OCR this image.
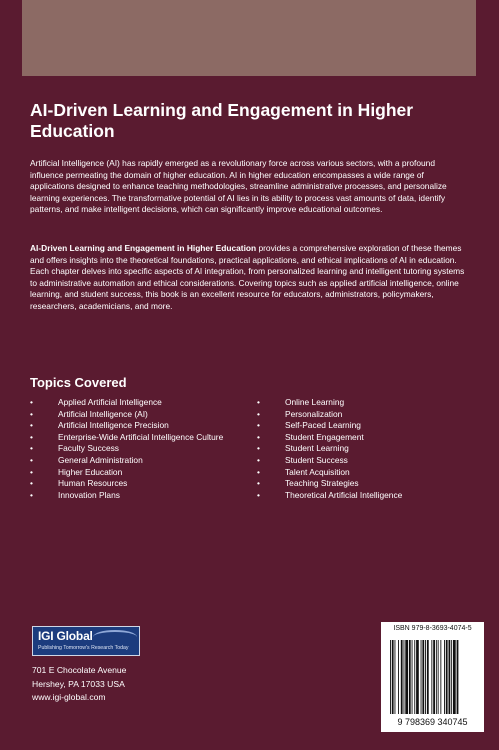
AI-Driven Learning and Engagement in Higher Education

Artificial Intelligence (AI) has rapidly emerged as a revolutionary force across various sectors, with a profound influence permeating the domain of higher education. AI in higher education encompasses a wide range of applications designed to enhance teaching methodologies, streamline administrative processes, and personalize learning experiences. The transformative potential of AI lies in its ability to process vast amounts of data, identify patterns, and make intelligent decisions, which can significantly improve educational outcomes.

AI-Driven Learning and Engagement in Higher Education provides a comprehensive exploration of these themes and offers insights into the theoretical foundations, practical applications, and ethical implications of AI in education. Each chapter delves into specific aspects of AI integration, from personalized learning and intelligent tutoring systems to administrative automation and ethical considerations. Covering topics such as applied artificial intelligence, online learning, and student success, this book is an excellent resource for educators, administrators, policymakers, researchers, academicians, and more.

Topics Covered
•	Applied Artificial Intelligence
•	Artificial Intelligence (AI)
•	Artificial Intelligence Precision
•	Enterprise-Wide Artificial Intelligence Culture
•	Faculty Success
•	General Administration
•	Higher Education
•	Human Resources
•	Innovation Plans
•	Online Learning
•	Personalization
•	Self-Paced Learning
•	Student Engagement
•	Student Learning
•	Student Success
•	Talent Acquisition
•	Teaching Strategies
•	Theoretical Artificial Intelligence
IGI Global
Publishing Tomorrow's Research Today
701 E Chocolate Avenue
Hershey, PA 17033 USA
www.igi-global.com
ISBN 979-8-3693-4074-5
9 798369 340745
